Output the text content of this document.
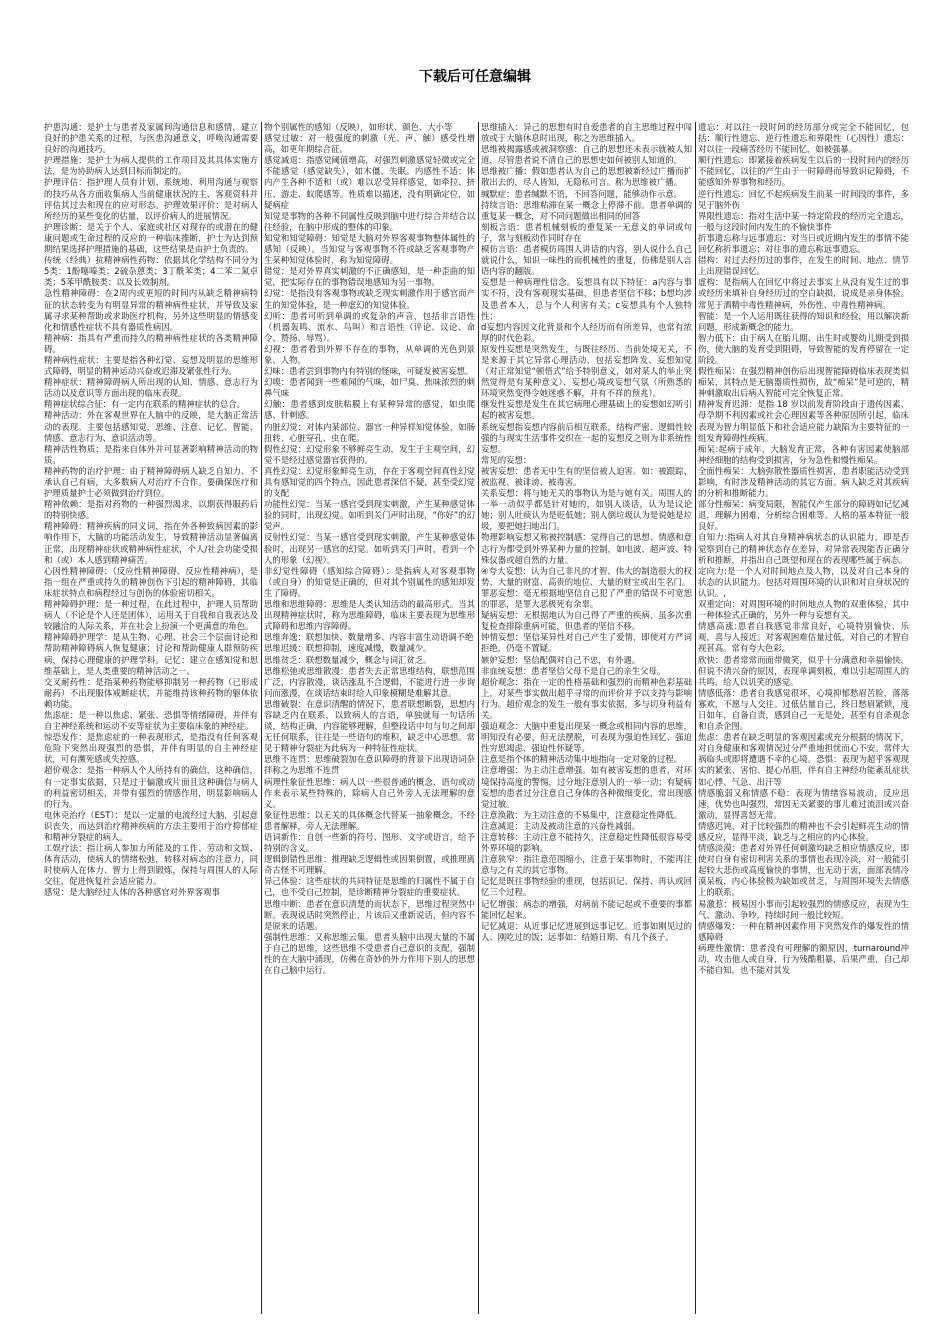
下载后可任意编辑

护患沟通：是护士与患者及家属间沟通信息和感情，建立良好的护患关系的过程，与医患沟通意义，呼唤沟通需要良好的沟通技巧。

护理措施：是护士为病人提供的工作项目及其具体实施方法，是为协助病人达到目标而制定的。

护理评估：指护理人员有计划、系统地、利用沟通与观察的技巧从各方面收集病人当前健康状况的主、客观资料并评估其过去和现在的应对形态。护理效果评价：是对病人所经历的某些变化的估量，以评价病人的进展情况。

护理诊断：是关于个人、家庭或社区对现存的或潜在的健康问题或生命过程的反应的一种临床推断，护士为达到预期结果选择护理措施的基础，这些结果是由护士负责的。

传统（经典）抗精神病性药物：依据其化学结构不同分为5类：1酚噻嗪类；2硫杂蒽类；3丁酰苯类；4二苯二氮卓类；5苯甲酰胺类；以及长效制剂。

急性精神障碍：在2周内或更短的时间内从缺乏精神病特征的状态转变为有明显异常的精神病性症状，并导致及家属寻求某种帮助或求助医疗机构，另外这些明显的情感变化和情感性症状不具有器质性病因。

精神病：指具有严重而持久的精神病性症状的各类精神障碍。

精神病性症状：主要是指各种幻觉、妄想及明显的思维形式障碍，明显的精神运动兴奋或迟滞及紧张性行为。

精神症状：精神障碍病人所出现的认知、情感、意志行为活动以及意识等方面出现的临床表现。

精神症状综合征：有一定内在联系的精神症状的总合。

精神活动：外在客观世界在人脑中的反映，是大脑正常活动的表现。主要包括感知觉，思维、注意、记忆、智能、情感、意志行为、意识活动等。

精神活性物质：是指来自体外并可显著影响精神活动的物质。

精神药物的治疗护理：由于精神障碍病人缺乏自知力、不承认自己有病，大多数病人对治疗不合作。要确保医疗和护理质量护士必须做到治疗到位。

精神依赖：是指对药物的一种强烈渴求，以期获得服药后的特别快感。

精神障碍：精神疾病的同义词，指在外各种致病因素的影响作用下，大脑的功能活动发生，导致精神活动显著偏离正常，出现精神症状或精神病性症状，个人/社会功能受损和（或）本人感到精神痛苦。

心因性精神障碍：（反应性精神障碍、反应性精神病），是指一组在严重或持久的精神创伤下引起的精神障碍，其临床症状特点和病程经过与创伤的体验密切相关。

精神障碍护理：是一种过程，在此过程中，护理人员帮助病人（不论是个人还是团体），运用关于自我和自我表达及较融洽的人际关系，并在社会上扮演一个更满意的角色。

精神障碍护理学：是从生物、心理、社会三个层面讨论和帮助精神障碍病人恢复健康；讨论和帮助健康人群预防疾病，保持心理健康的护理学科。记忆：建立在感知觉和思维基础上，是人类重要的精神活动之一。

交叉耐药性：是指某种药物能够抑制另一种药物（已形成耐药）不出现服体戒断症状，并能维持该种药物的躯体依赖功能。

焦虑症：是一种以焦虑、紧张、恐惧等情绪障碍，并伴有自主神经系统和运动不安等症状为主要临床象的神经症。

惊恐发作：是焦虑症的一种表现形式，是指没有任何客观危险下突然出现强烈的恐惧，并伴有明显的自主神经症状，可有濒死感或失控感。

超价观念：是指一种病人个人所持有的确信，这种确信，有一定事实依据，只是过于偏激或片面且这种确信与病人的利益密切相关，并带有强烈的情感作用，明显影响病人的行为。

电休克治疗（EST）：是以一定量的电流经过大脑，引起意识丧失，而达到治疗精神疾病的方法主要用于治疗抑郁症和精神分裂症的病人。

工娱疗法：指让病人参加力所能及的工作、劳动和文娱、体育活动，使病人的情绪松弛，转移对病态的注意力，同时使病人在体力、智力上得到锻炼，保持与周围人的人际交往，促进恢复社会适应能力。

感觉：是大脑经过人体的各种感官对外界客观事

物个别属性的感知（反映），如形状、颜色、大小等

感觉过敏：对一般强度的刺激（光、声、触）感受性增高，如更年期综合征。

感觉减退：指感觉阈值增高，对强烈刺激感觉轻微或完全不能感觉（感觉缺失），如木僵、失眠。内感性不适：体内产生各种不适和（或）难以忍受异样感觉，如牵拉、挤压、游走、蚁爬感等。性质难以描述，没有明确定位，如疑病症

知觉是事物的各种不同属性反映到脑中进行综合并结合以往经验，在脑中形成的整体的印象。

知觉和知觉障碍：知觉是大脑对外界客观事物整体属性的感知（反映）。当知觉与客观事物不符或缺乏客观事物产生某种知觉体验时，称为知觉障碍。

错觉：是对外界真实刺激的不正确感知，是一种歪曲的知觉，把实际存在的事物错误地感知为另一事物。

幻觉：是指没有客观事物或缺乏现实刺激作用于感官而产生的知觉体验，是一种虚幻的知觉体验。

幻听：患者可听到单调的或复杂的声音，包括非言语性（机器轰鸣、流水、鸟叫）和言语性（评论、议论、命令、赞扬、辱骂）。

幻视：患者看到外界不存在的事物，从单调的光色到景象、人物。

幻味：患者尝到事物内有特别的怪味，可疑发被害妄想。

幻嗅：患者闻到一些难闻的气味，如尸臭、焦味浓烈的刺鼻气味

幻触：患者感到皮肤粘膜上有某种异常的感觉，如虫爬感、针刺感。

内脏幻觉：对体内某部位、器官一种异样知觉体验，如肠扭转、心脏穿孔、虫在爬。

假性幻觉：幻觉形象不够鲜亮生动，发生于主观空间，幻觉不是经过感觉器官获得的。

真性幻觉：幻觉形象鲜亮生动，存在于客观空间真性幻觉具有感知觉的四个特点，因此患者深信不疑，甚至受幻觉的支配

功能性幻觉：当某一感官受到现实刺激，产生某种感觉体验的同时，出现幻觉。如听到关门声时出现，“你好”的幻觉声。

反射性幻觉：当某一感官受到现实刺激，产生某种感觉体验时，出现另一感官的幻觉。如听到关门声时，看到一个人的形象（幻视）。

非幻觉性障碍（感知综合障碍）：是指病人对客观事物（或自身）的知觉是正确的，但对其个别属性的感知却发生了障碍。

思维和思维障碍：思维是人类认知活动的最高形式。当其出现精神症状时，称为思维障碍，临床主要表现为思维形式障碍和思维内容障碍。

思维奔逸：联想加快、数量增多、内容丰富生动语调不绝

思维迟缓：联想抑制，速度减慢，数量减少。

思维贫乏：联想数量减少，概念与词汇贫乏。

思维松弛或思维散漫：患者失去正常思维结构，联想范围广泛，内容散漫，谈话涨乱不合逻辑，不能进行进一步询问而涨漫，在谈话结束时给人印象模糊是难解其意。

思维破裂：在意识清醒的情况下，患者联想断裂，思想内容缺乏内在联系，以致病人的言语，单独就每一句话所谈，结构正确，内容能够理解，但整段话中句与句之间却无任何联系，往往是一些语句的堆积，缺乏中心思想。常见于精神分裂症为此病为一种特征性症状。

思维不连贯：思维破裂加在意识障碍的背景下出现语词杂拌称之为思维不连贯

病理性象征性思维：病人以一些很普通的概念、语句或动作来表示某些特殊的，除病人自己外旁人无法理解的意义。

象征性思维：以无关的具体概念代替某一抽象概念，不经患者解释，旁人无法理解。

语词新作：自创一些新的符号、图形、文字或语言，给予特别的含义。

逻辑倒错性思维：推理缺乏逻辑性或因果倒置，或推理离奇古怪不可理解。

异己体验：这些症状的共同特征是思维的归属性不属于自己，也不受自己控制，是诊断精神分裂症的重要症状。

思维中断：患者在意识清楚的而状态下，思维过程突然中断。表现说话时突然停止，片该后又重新说话，但内容不是原来的话题。

强制性思维：又称思维云集。患者头脑中出现大量的不属于自己的思维，这些思维不受患者自己意识的支配，强制性的在大脑中涌现，仿佛在奇妙的外力作用下别人的思想在自己脑中运行。

思维插入：异己的思想有时自爱患者的自主思维过程中闯放或于大脑休息时出现，称之为思维插入。

思维被揭露感或被洞察感：自己的思想还未表示就被人知道，尽管患者说不清自己的思想史如何被别人知道的。

思维被广播：假如患者认为自己的思想被新经过广播而扩散出去的，尽人皆知，无隐私可言。称为思维被广播。

缄默症：患者缄默不语，不回答问题，能够动作示意。

持续言语：思维粘滞在某一概念上停滞不前。患者单调的重复某一概念，对不同问题做出相同的回答

刻板言语：患者机械刻板的重复某一无意义的单词或句子，常与刻板动作同时存在

模仿言语：患者模仿周围人讲话的内容，别人说什么自己就说什么，知识一味性的而机械性的重复，仿佛是别人言语内容的翻版。

妄想是一种病理性信念。妄想具有以下特征：a内容与事实不符，没有客观现实基础，但患者坚信不移；b想均涉及患者本人，总与个人利害有关；c妄想具有个人独特性；

d妄想内容因文化背景和个人经历而有所差异，也常有浓厚的时代色彩。

原发性妄想是突然发生，与既往经历、当前处境无关，不是来源于其它异常心理活动，包括妄想阵发、妄想知觉（对正常知觉“顿悟式”给予特别意义，如对某人的举止突然觉得是有某种意义）、妄想心境或妄想气氛（所熟悉的环境突然变得令她迷惑不解，并有不祥的预兆）。

继发性妄想是发生在其它病理心理基础上的妄想如幻听引起的被害妄想。

系统妄想指妄想内容前后相互联系，结构严密、逻辑性较强的与现实生活事件交织在一起的妄想反之则为非系统性妄想。

常见的妄想：

被害妄想：患者无中生有的坚信被人迫害。如：被跟踪、被监视、被诽谤、被毒害。

关系妄想：将与她无关的事物认为是与她有关。周围人的一举一动似乎都是针对她的，如别人谈话，认为是议论她；别人吐痰认为是贬低她；别人倒垃圾认为是说她是垃圾，要把她扫地出门。

物理影响妄想又称被控制感：觉得自己的思想、情感和意志行为都受到外界某种力量的控制，如电波、超声波、特殊仪器或超自然的力量。

④夸大妄想：认为自己非凡的才智、伟大的制造很大的权势、大量的财富、高贵的地位、大量的财宝或出生名门。

罪恶妄想：毫无根据地坚信自己犯了严重的错误不可宽恕的罪恶，是罪大恶极死有余辜。

疑病妄想：无根据地认为自己得了严重的疾病，虽多次重复检查排除重病可能，但患者的坚信不移。

钟情妄想：坚信某异性对自己产生了爱情，即使对方严词拒绝，仍毫不置疑。

嫉妒妄想：坚信配偶对自己不忠，有外遇。

非血统妄想：患者坚信父母不是自己的亲生父母。

超价观念：指在一定的性格基础和强烈的而精神色彩基础上，对某些事实做出超乎寻常的而评价并予以支持与影响行为。超价观念的发生一般有事实依据，多与切身利益有关。

强迫观念：大脑中重复出现某一概念或相同内容的思维，明知没有必要，但无法摆脱，可表现为强迫性回忆、强迫性穷思竭虑、强迫性怀疑等。

注意是指个体的精神活动集中地指向一定对象的过程。

注意增强：为主动注意增强。如有被害妄想的患者，对环境保持高度的警惕，过分地注意别人的一举一动；有疑病妄想的患者过分注意自己身体的各种微细变化，常出现感觉过敏。

注意涣散：为主动注意的不易集中，注意稳定性降低。

注意减退：主动及被动注意的兴奋性减弱。

注意转移：主动注意不能持久，注意稳定性降低很容易受外界环境的影响。

注意狭窄：指注意范围缩小，注意于某事物时，不能再注意与之有关的其它事物。

记忆是既往事物经验的重现，包括识记、保持、再认或回忆三个过程。

记忆增强：病态的增强，对病前不能记起或不重要的事都能回忆起来。

记忆减退：从近事记忆进展到远事记忆。近事如刚见过的人、刚吃过的饭；远事如：结婚日期、有几个孩子。

遗忘：对以往一段时间的经历部分或完全不能回忆，包括：顺行性遗忘、逆行性遗忘和界限性（心因性）遗忘：对以往一段痛苦经历不能回忆，如被强暴。

顺行性遗忘：即紧接着疾病发生以后的一段时间内的经历不能回忆，以往的产生由于一时障碍而导致识记障碍，不能感知外界事物和经历。

逆行性遗忘：回忆不起疾病发生前某一时间段的事件，多见于脑外伤

界限性遗忘：指对生活中某一特定阶段的经历完全遗忘，一般与这段时间内发生的不愉快事件

折事遗忘称与远事遗忘：对当日或近期内发生的事情不能回忆称折事遗忘；对往事的遗忘称远事遗忘。

错构：对过去经历过的事件，在发生的时间、地点、情节上出现错误回忆。

虚构：是指病人在回忆中将过去事实上从没有发生过的事或经历来填补自身经历过的空白缺损，说成是亲身体验。常见于酒精中毒性精神病，外伤性、中毒性精神病。

智能：是一个人运用既往获得的知识和经验，用以解决新问题，形成新概念的能力。

智力低下：由于病人在胎儿期、出生时或婴幼儿期受到损伤，使大脑的发育受到阻碍，导致智能的发育停留在一定阶段。

假性痴呆：在强烈精神创伤后出现智能障碍临床表现类似痴呆，其特点是无脑器质性损伤，故“痴呆”是可逆的，精神刺激取出后病人智能可完全恢复正常。

精神发育迟滞：是指 18 岁以前发育阶段由于遗传因素、母孕期不利因素或社会心理因素等各种原因所引起，临床表现为智力明显低下和社会适应能力缺陷为主要特征的一组发育障碍性疾病。

痴呆:起病于成年，大脑发育正常，各种有害因素使脑部神经细胞的结构受到损害，分为急性和慢性痴呆。

全面性痴呆：大脑弥散性器质性损害，患者职能活动受到影响，有时涉及精神活动的其它方面。病人缺乏对其疾病的分析和推断能力。

部分性痴呆：病变局限，智能仅产生部分的障碍如记忆减退，理解力困难，分析综合困难等。人格的基本特征一般良好。

自知力:指病人对其自身精神病状态的认识能力，即是否觉察到自己的精神状态存在差异，对异常表现能否正确分析和推断，并指出自己既望和现在的表现哪些属于病态。

定向力:是一个人对时间地点及人物，以及对自己本身的状态的认识能力。包括对周围环境的认识和对自身状况的认识。,

双重定向：对周围环境的时间地点人物的双重体验，其中一种体验式正确的，另外一种与妄想有关。

情感高涨:患者自我感觉非常良好，心境特别愉快、乐观，喜与人接近。对客观困难估量过低，对自己的才智自视甚高。常有夸大色彩。

欣快：患者常常而面带微笑，似乎十分满意和幸福愉快，但说不清兴奋的原因，表现单调刻板，难以引起周围人的共鸣，给人以讥笑的感觉。

情感低落：患者自我感觉很坏，心境抑郁愁眉苦脸，落落寡欢，不愿与人交往。过低估量自己，终日愁眉紧锁，度日如年，自备自责，感到自己一无是处，甚至有自杀观念和自杀企图。

焦虑：患者在缺乏明显的客观因素或充分根据的情况下，对自身健康和客观情况过分严重地担忧而心不安。常伴大祸临头或即将遭遇不幸的心境。恐惧：表现为超乎客观现实的紧张、害怕、提心吊胆，伴有自主神经功能紊乱症状如心悸、气急、出汗等

情感脆弱又称情感不稳：表现为情绪容易波动，反应迅速，优势也叫强烈，常因无关紧要的事儿难过流泪或兴奋激动，显得喜怒无常。

情感迟钝，对于比较强烈的精神也不会引起鲜亮生动的情感反应，显得平淡，缺乏与之相应的内心体验。

情感淡漠：患者对外界任何刺激均缺乏相应情感反应，即使对自身有密切利害关系的事情也表现冷淡，对一般能引起较大悲伤或高度愉快的事情，也无动于衷，面部表情冷漠呆板，内心体验极为缺如或贫乏，与周围环境失去情感上的联系。

易激惹：极易因小事而引起较强烈的情感反应，表现为生气、激动、争吵，持续时间一般比较短。

情感爆发：一种在精神因素作用下突然发作的爆发性的情感障碍

病理性激情：患者没有可理解的额原因，turnaround冲动，攻击他人或自身，行为残酷粗暴，后果严重，自己却不能自知，也不能对其发
